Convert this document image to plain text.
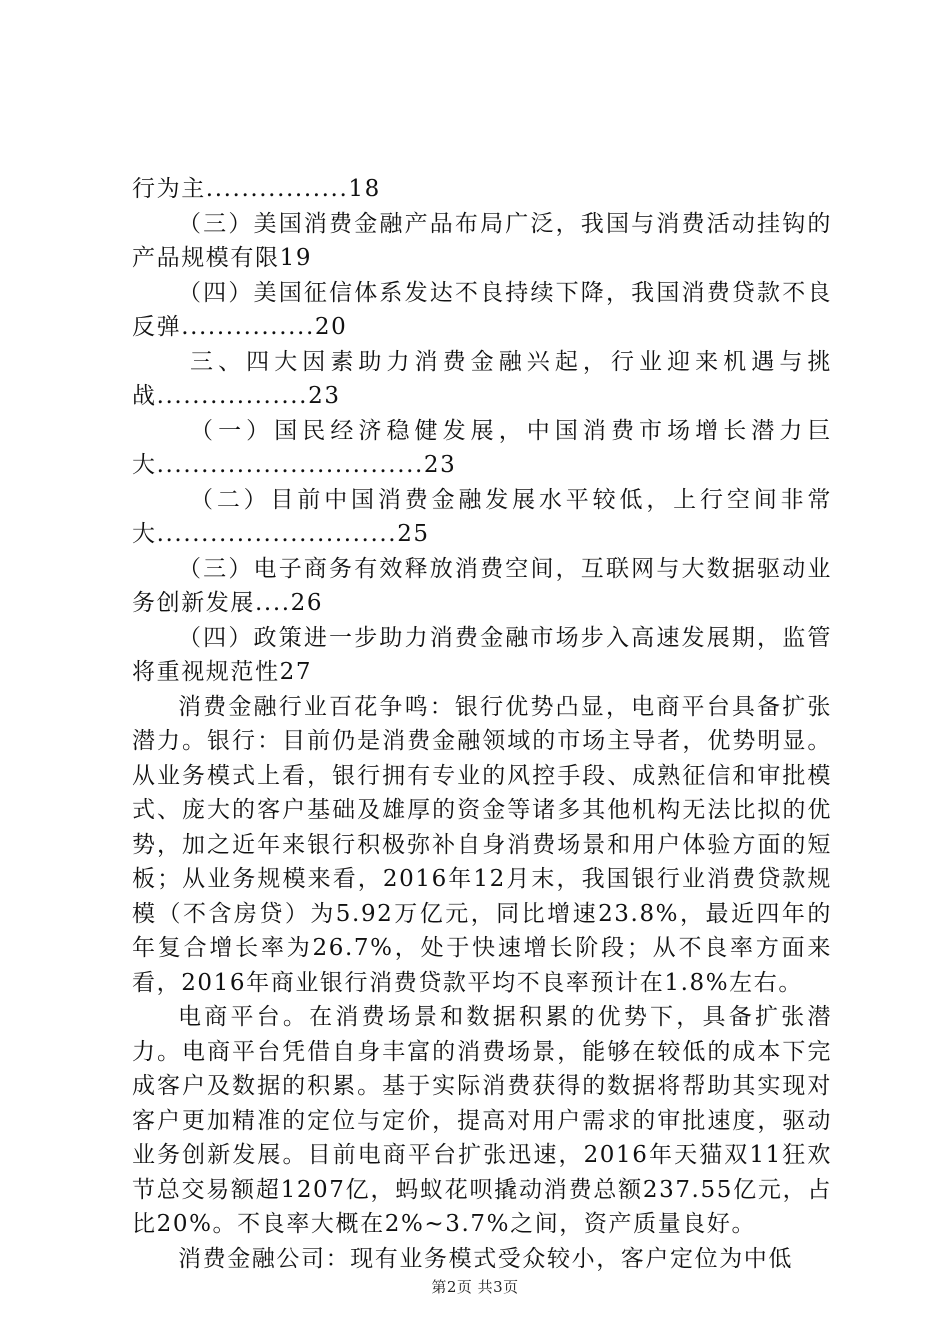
行为主................18

（三）美国消费金融产品布局广泛，我国与消费活动挂钩的产品规模有限19

（四）美国征信体系发达不良持续下降，我国消费贷款不良反弹...............20

三、四大因素助力消费金融兴起，行业迎来机遇与挑战.................23

（一）国民经济稳健发展，中国消费市场增长潜力巨大..............................23

（二）目前中国消费金融发展水平较低，上行空间非常大...........................25

（三）电子商务有效释放消费空间，互联网与大数据驱动业务创新发展....26

（四）政策进一步助力消费金融市场步入高速发展期，监管将重视规范性27

消费金融行业百花争鸣：银行优势凸显，电商平台具备扩张潜力。银行：目前仍是消费金融领域的市场主导者，优势明显。从业务模式上看，银行拥有专业的风控手段、成熟征信和审批模式、庞大的客户基础及雄厚的资金等诸多其他机构无法比拟的优势，加之近年来银行积极弥补自身消费场景和用户体验方面的短板；从业务规模来看，2016年12月末，我国银行业消费贷款规模（不含房贷）为5.92万亿元，同比增速23.8%，最近四年的年复合增长率为26.7%，处于快速增长阶段；从不良率方面来看，2016年商业银行消费贷款平均不良率预计在1.8%左右。

电商平台。在消费场景和数据积累的优势下，具备扩张潜力。电商平台凭借自身丰富的消费场景，能够在较低的成本下完成客户及数据的积累。基于实际消费获得的数据将帮助其实现对客户更加精准的定位与定价，提高对用户需求的审批速度，驱动业务创新发展。目前电商平台扩张迅速，2016年天猫双11狂欢节总交易额超1207亿，蚂蚁花呗撬动消费总额237.55亿元，占比20%。不良率大概在2%~3.7%之间，资产质量良好。

消费金融公司：现有业务模式受众较小，客户定位为中低

第2页 共3页
